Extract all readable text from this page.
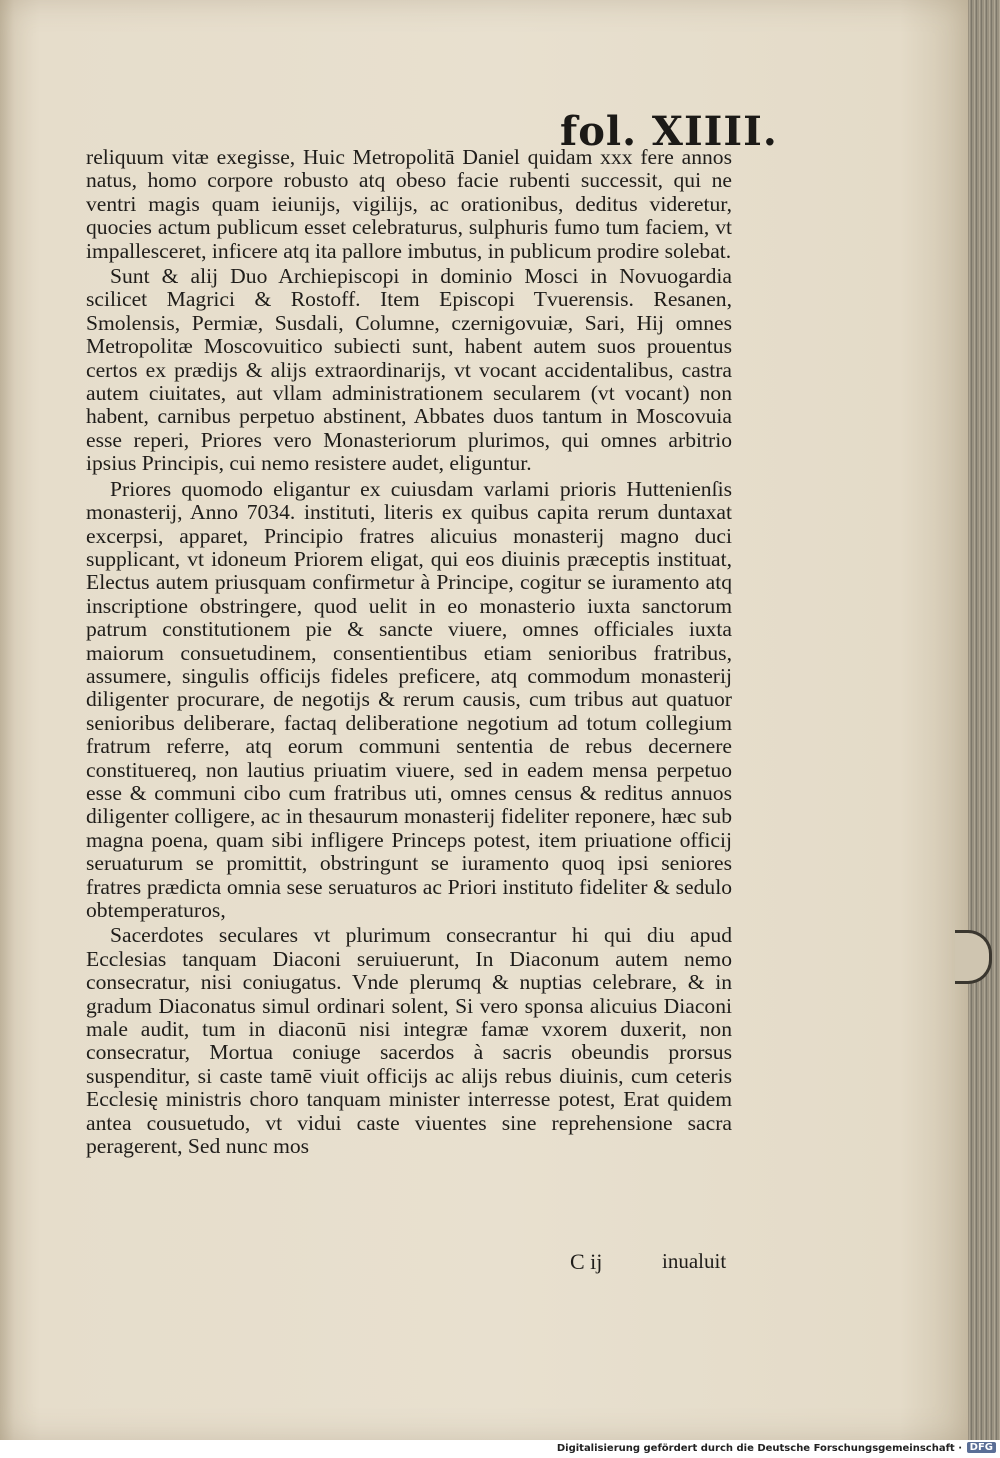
fol. XIIII.

reliquum vitæ exegisse, Huic Metropolitā Daniel quidam xxx fere annos natus, homo corpore robusto atq obeso facie rubenti successit, qui ne ventri magis quam ieiunijs, vigilijs, ac orationibus, deditus videretur, quocies actum publicum esset celebraturus, sulphuris fumo tum faciem, vt impallesceret, inficere atq ita pallore imbutus, in publicum prodire solebat.

Sunt & alij Duo Archiepiscopi in dominio Mosci in Novuogardia scilicet Magrici & Rostoff. Item Episcopi Tvuerensis. Resanen, Smolensis, Permiæ, Susdali, Columne, czernigovuiæ, Sari, Hij omnes Metropolitæ Moscovuitico subiecti sunt, habent autem suos prouentus certos ex prædijs & alijs extraordinarijs, vt vocant accidentalibus, castra autem ciuitates, aut vllam administrationem secularem (vt vocant) non habent, carnibus perpetuo abstinent, Abbates duos tantum in Moscovuia esse reperi, Priores vero Monasteriorum plurimos, qui omnes arbitrio ipsius Principis, cui nemo resistere audet, eliguntur.

Priores quomodo eligantur ex cuiusdam varlami prioris Huttenienſis monasterij, Anno 7034. instituti, literis ex quibus capita rerum duntaxat excerpsi, apparet, Principio fratres alicuius monasterij magno duci supplicant, vt idoneum Priorem eligat, qui eos diuinis præceptis instituat, Electus autem priusquam confirmetur à Principe, cogitur se iuramento atq inscriptione obstringere, quod uelit in eo monasterio iuxta sanctorum patrum constitutionem pie & sancte viuere, omnes officiales iuxta maiorum consuetudinem, consentientibus etiam senioribus fratribus, assumere, singulis officijs fideles preficere, atq commodum monasterij diligenter procurare, de negotijs & rerum causis, cum tribus aut quatuor senioribus deliberare, factaq deliberatione negotium ad totum collegium fratrum referre, atq eorum communi sententia de rebus decernere constituereq, non lautius priuatim viuere, sed in eadem mensa perpetuo esse & communi cibo cum fratribus uti, omnes census & reditus annuos diligenter colligere, ac in thesaurum monasterij fideliter reponere, hæc sub magna poena, quam sibi infligere Princeps potest, item priuatione officij seruaturum se promittit, obstringunt se iuramento quoq ipsi seniores fratres prædicta omnia sese seruaturos ac Priori instituto fideliter & sedulo obtemperaturos,

Sacerdotes seculares vt plurimum consecrantur hi qui diu apud Ecclesias tanquam Diaconi seruiuerunt, In Diaconum autem nemo consecratur, nisi coniugatus. Vnde plerumq & nuptias celebrare, & in gradum Diaconatus simul ordinari solent, Si vero sponsa alicuius Diaconi male audit, tum in diaconū nisi integræ famæ vxorem duxerit, non consecratur, Mortua coniuge sacerdos à sacris obeundis prorsus suspenditur, si caste tamē viuit officijs ac alijs rebus diuinis, cum ceteris Ecclesię ministris choro tanquam minister interresse potest, Erat quidem antea cousuetudo, vt vidui caste viuentes sine reprehensione sacra peragerent, Sed nunc mos

C ij	inualuit
Digitalisierung gefördert durch die Deutsche Forschungsgemeinschaft · DFG
